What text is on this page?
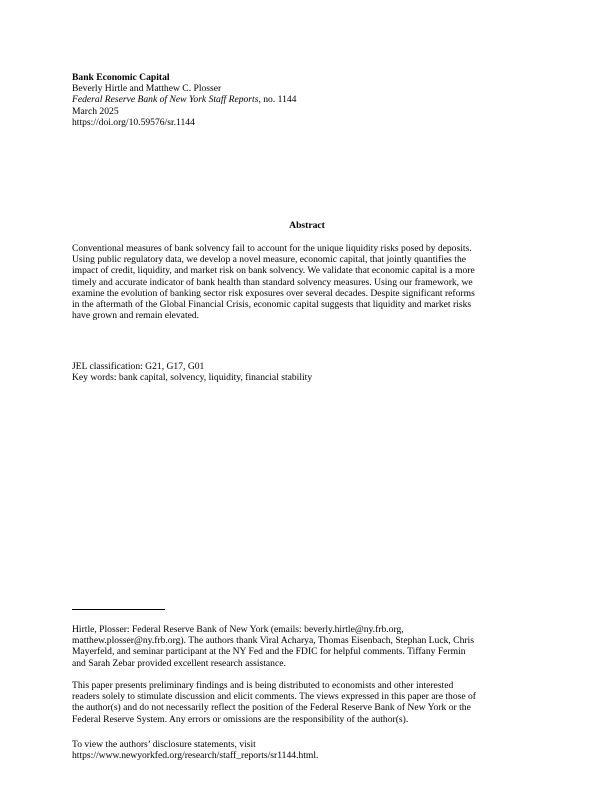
Bank Economic Capital
Beverly Hirtle and Matthew C. Plosser
Federal Reserve Bank of New York Staff Reports, no. 1144
March 2025
https://doi.org/10.59576/sr.1144
Abstract
Conventional measures of bank solvency fail to account for the unique liquidity risks posed by deposits.
Using public regulatory data, we develop a novel measure, economic capital, that jointly quantifies the
impact of credit, liquidity, and market risk on bank solvency. We validate that economic capital is a more
timely and accurate indicator of bank health than standard solvency measures. Using our framework, we
examine the evolution of banking sector risk exposures over several decades. Despite significant reforms
in the aftermath of the Global Financial Crisis, economic capital suggests that liquidity and market risks
have grown and remain elevated.
JEL classification: G21, G17, G01
Key words: bank capital, solvency, liquidity, financial stability
Hirtle, Plosser: Federal Reserve Bank of New York (emails: beverly.hirtle@ny.frb.org,
matthew.plosser@ny.frb.org). The authors thank Viral Acharya, Thomas Eisenbach, Stephan Luck, Chris
Mayerfeld, and seminar participant at the NY Fed and the FDIC for helpful comments. Tiffany Fermin
and Sarah Zebar provided excellent research assistance.
This paper presents preliminary findings and is being distributed to economists and other interested
readers solely to stimulate discussion and elicit comments. The views expressed in this paper are those of
the author(s) and do not necessarily reflect the position of the Federal Reserve Bank of New York or the
Federal Reserve System. Any errors or omissions are the responsibility of the author(s).
To view the authors’ disclosure statements, visit
https://www.newyorkfed.org/research/staff_reports/sr1144.html.
